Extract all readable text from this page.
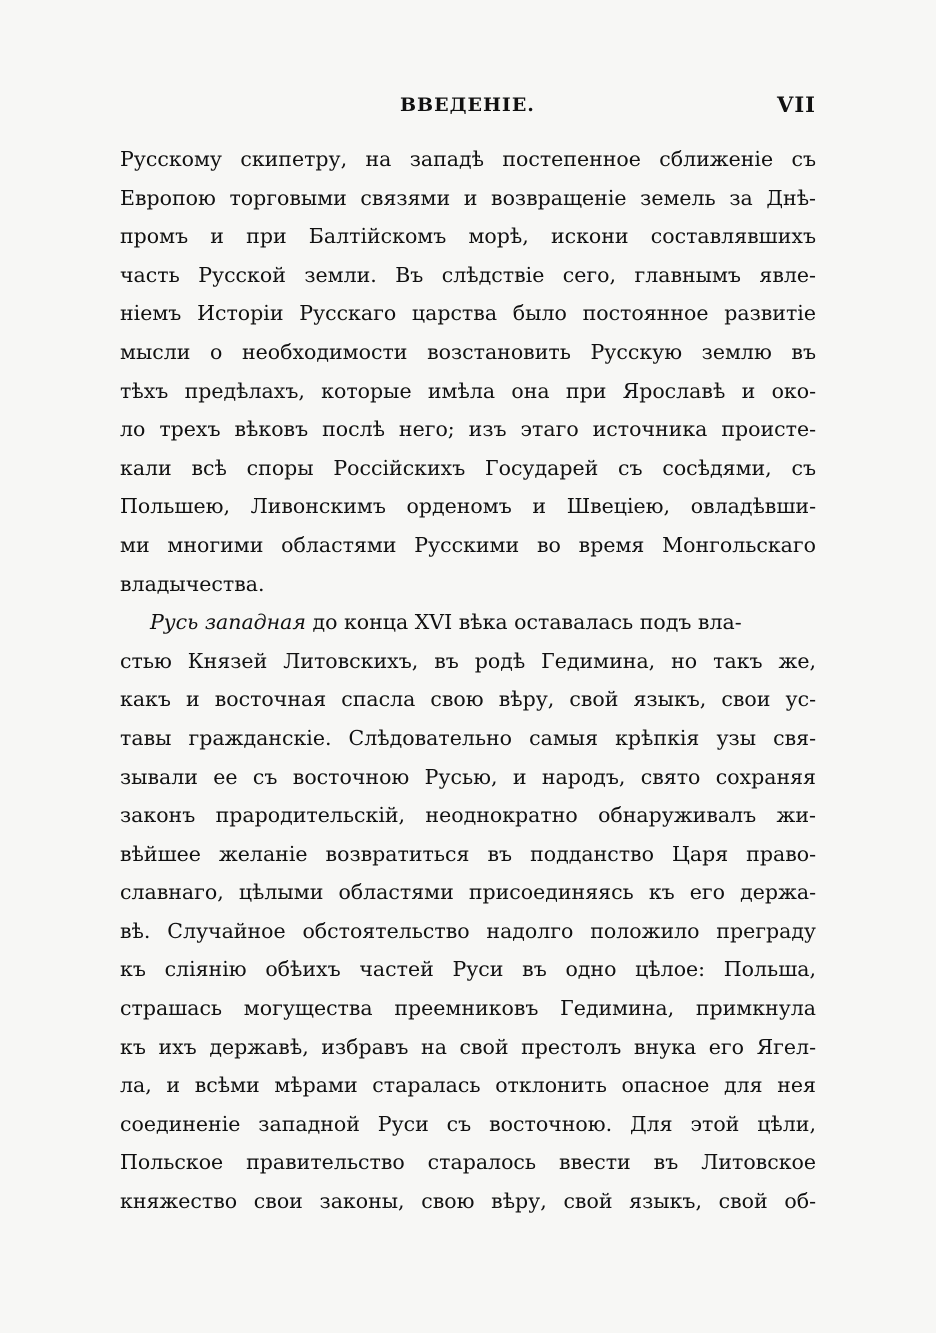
ВВЕДЕНІЕ.	VII
Русскому скипетру, на западѣ постепенное сближеніе съ
Европою торговыми связями и возвращеніе земель за Днѣ-
промъ и при Балтійскомъ морѣ, искони составлявшихъ
часть Русской земли. Въ слѣдствіе сего, главнымъ явле-
ніемъ Исторіи Русскаго царства было постоянное развитіе
мысли о необходимости возстановить Русскую землю въ
тѣхъ предѣлахъ, которые имѣла она при Ярославѣ и око-
ло трехъ вѣковъ послѣ него; изъ этаго источника происте-
кали всѣ споры Россійскихъ Государей съ сосѣдями, съ
Польшею, Ливонскимъ орденомъ и Швеціею, овладѣвши-
ми многими областями Русскими во время Монгольскаго
владычества.
Русь западная до конца XVI вѣка оставалась подъ вла-
стью Князей Литовскихъ, въ родѣ Гедимина, но такъ же,
какъ и восточная спасла свою вѣру, свой языкъ, свои ус-
тавы гражданскіе. Слѣдовательно самыя крѣпкія узы свя-
зывали ее съ восточною Русью, и народъ, свято сохраняя
законъ прародительскій, неоднократно обнаруживалъ жи-
вѣйшее желаніе возвратиться въ подданство Царя право-
славнаго, цѣлыми областями присоединяясь къ его держа-
вѣ. Случайное обстоятельство надолго положило преграду
къ сліянію обѣихъ частей Руси въ одно цѣлое: Польша,
страшась могущества преемниковъ Гедимина, примкнула
къ ихъ державѣ, избравъ на свой престолъ внука его Ягел-
ла, и всѣми мѣрами старалась отклонить опасное для нея
соединеніе западной Руси съ восточною. Для этой цѣли,
Польское правительство старалось ввести въ Литовское
княжество свои законы, свою вѣру, свой языкъ, свой об-
